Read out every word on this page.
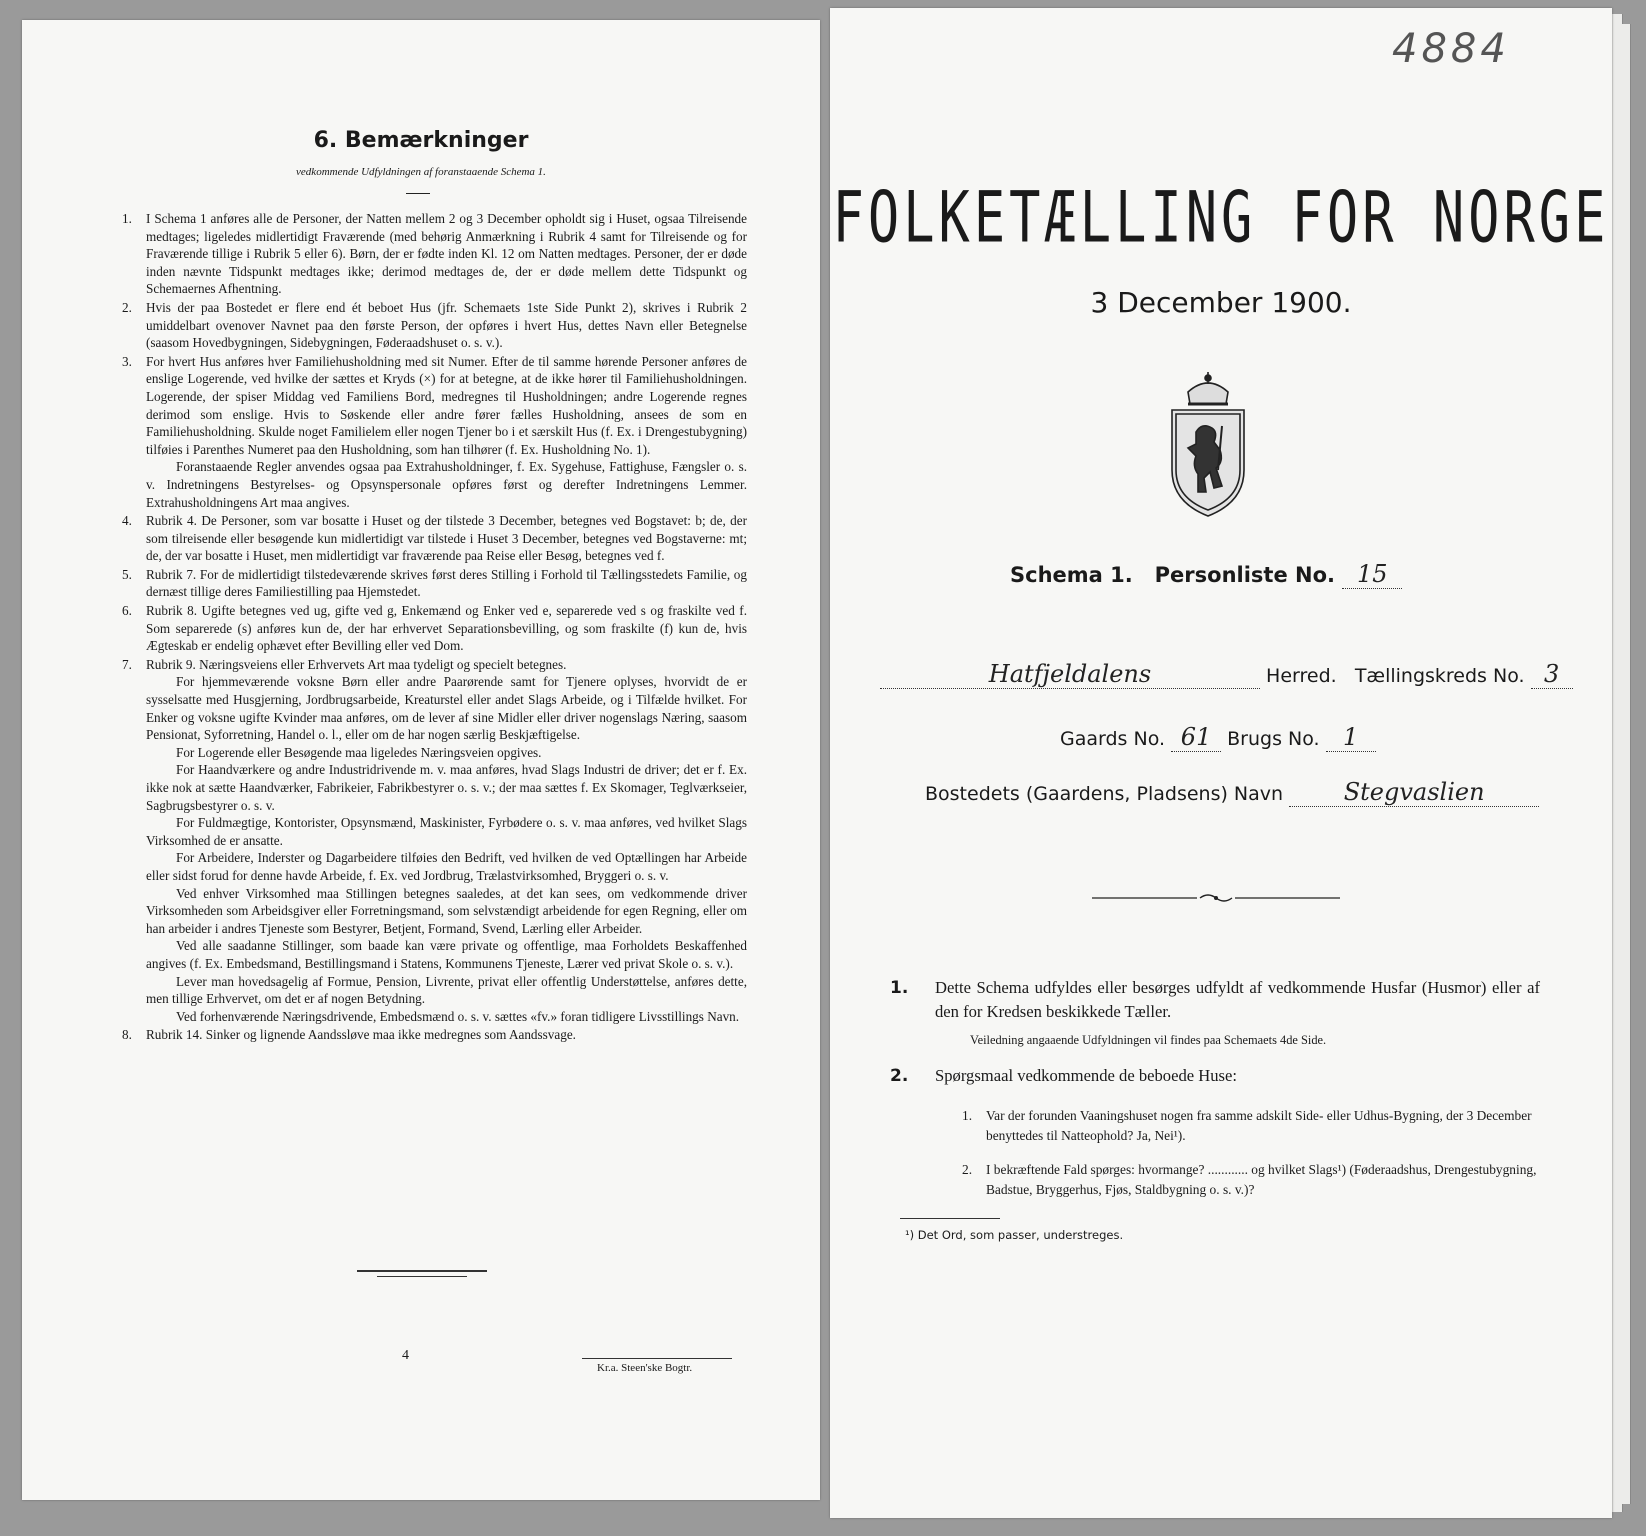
6. Bemærkninger
vedkommende Udfyldningen af foranstaaende Schema 1.
1.	I Schema 1 anføres alle de Personer, der Natten mellem 2 og 3 December opholdt sig i Huset, ogsaa Tilreisende medtages; ligeledes midlertidigt Fraværende (med behørig Anmærkning i Rubrik 4 samt for Tilreisende og for Fraværende tillige i Rubrik 5 eller 6). Børn, der er fødte inden Kl. 12 om Natten medtages. Personer, der er døde inden nævnte Tidspunkt medtages ikke; derimod medtages de, der er døde mellem dette Tidspunkt og Schemaernes Afhentning.

2.	Hvis der paa Bostedet er flere end ét beboet Hus (jfr. Schemaets 1ste Side Punkt 2), skrives i Rubrik 2 umiddelbart ovenover Navnet paa den første Person, der opføres i hvert Hus, dettes Navn eller Betegnelse (saasom Hovedbygningen, Sidebygningen, Føderaadshuset o. s. v.).

3.	For hvert Hus anføres hver Familiehusholdning med sit Numer. Efter de til samme hørende Personer anføres de enslige Logerende, ved hvilke der sættes et Kryds (×) for at betegne, at de ikke hører til Familiehusholdningen. Logerende, der spiser Middag ved Familiens Bord, medregnes til Husholdningen; andre Logerende regnes derimod som enslige. Hvis to Søskende eller andre fører fælles Husholdning, ansees de som en Familiehusholdning. Skulde noget Familielem eller nogen Tjener bo i et særskilt Hus (f. Ex. i Drengestubygning) tilføies i Parenthes Numeret paa den Husholdning, som han tilhører (f. Ex. Husholdning No. 1).

Foranstaaende Regler anvendes ogsaa paa Extrahusholdninger, f. Ex. Sygehuse, Fattighuse, Fængsler o. s. v. Indretningens Bestyrelses- og Opsynspersonale opføres først og derefter Indretningens Lemmer. Extrahusholdningens Art maa angives.

4.	Rubrik 4. De Personer, som var bosatte i Huset og der tilstede 3 December, betegnes ved Bogstavet: b; de, der som tilreisende eller besøgende kun midlertidigt var tilstede i Huset 3 December, betegnes ved Bogstaverne: mt; de, der var bosatte i Huset, men midlertidigt var fraværende paa Reise eller Besøg, betegnes ved f.

5.	Rubrik 7. For de midlertidigt tilstedeværende skrives først deres Stilling i Forhold til Tællingsstedets Familie, og dernæst tillige deres Familiestilling paa Hjemstedet.

6.	Rubrik 8. Ugifte betegnes ved ug, gifte ved g, Enkemænd og Enker ved e, separerede ved s og fraskilte ved f. Som separerede (s) anføres kun de, der har erhvervet Separationsbevilling, og som fraskilte (f) kun de, hvis Ægteskab er endelig ophævet efter Bevilling eller ved Dom.

7.	Rubrik 9. Næringsveiens eller Erhvervets Art maa tydeligt og specielt betegnes.

For hjemmeværende voksne Børn eller andre Paarørende samt for Tjenere oplyses, hvorvidt de er sysselsatte med Husgjerning, Jordbrugsarbeide, Kreaturstel eller andet Slags Arbeide, og i Tilfælde hvilket. For Enker og voksne ugifte Kvinder maa anføres, om de lever af sine Midler eller driver nogenslags Næring, saasom Pensionat, Syforretning, Handel o. l., eller om de har nogen særlig Beskjæftigelse.

For Logerende eller Besøgende maa ligeledes Næringsveien opgives.

For Haandværkere og andre Industridrivende m. v. maa anføres, hvad Slags Industri de driver; det er f. Ex. ikke nok at sætte Haandværker, Fabrikeier, Fabrikbestyrer o. s. v.; der maa sættes f. Ex Skomager, Teglværkseier, Sagbrugsbestyrer o. s. v.

For Fuldmægtige, Kontorister, Opsynsmænd, Maskinister, Fyrbødere o. s. v. maa anføres, ved hvilket Slags Virksomhed de er ansatte.

For Arbeidere, Inderster og Dagarbeidere tilføies den Bedrift, ved hvilken de ved Optællingen har Arbeide eller sidst forud for denne havde Arbeide, f. Ex. ved Jordbrug, Trælastvirksomhed, Bryggeri o. s. v.

Ved enhver Virksomhed maa Stillingen betegnes saaledes, at det kan sees, om vedkommende driver Virksomheden som Arbeidsgiver eller Forretningsmand, som selvstændigt arbeidende for egen Regning, eller om han arbeider i andres Tjeneste som Bestyrer, Betjent, Formand, Svend, Lærling eller Arbeider.

Ved alle saadanne Stillinger, som baade kan være private og offentlige, maa Forholdets Beskaffenhed angives (f. Ex. Embedsmand, Bestillingsmand i Statens, Kommunens Tjeneste, Lærer ved privat Skole o. s. v.).

Lever man hovedsagelig af Formue, Pension, Livrente, privat eller offentlig Understøttelse, anføres dette, men tillige Erhvervet, om det er af nogen Betydning.

Ved forhenværende Næringsdrivende, Embedsmænd o. s. v. sættes «fv.» foran tidligere Livsstillings Navn.

8.	Rubrik 14. Sinker og lignende Aandssløve maa ikke medregnes som Aandssvage.

4
Kr.a. Steen'ske Bogtr.
4884
FOLKETÆLLING FOR NORGE
3 December 1900.
Schema 1. Personliste No. 15
Hatfjeldalens	Herred. Tællingskreds No. 3
Gaards No. 61 Brugs No. 1
Bostedets (Gaardens, Pladsens) Navn	Stegvaslien
1. Dette Schema udfyldes eller besørges udfyldt af vedkommende Husfar (Husmor) eller af den for Kredsen beskikkede Tæller.
Veiledning angaaende Udfyldningen vil findes paa Schemaets 4de Side.
2. Spørgsmaal vedkommende de beboede Huse:
1.	Var der forunden Vaaningshuset nogen fra samme adskilt Side- eller Udhus-Bygning, der 3 December benyttedes til Natteophold? Ja, Nei¹).
2.	I bekræftende Fald spørges: hvormange? ............ og hvilket Slags¹) (Føderaadshus, Drengestubygning, Badstue, Bryggerhus, Fjøs, Staldbygning o. s. v.)?
¹) Det Ord, som passer, understreges.
